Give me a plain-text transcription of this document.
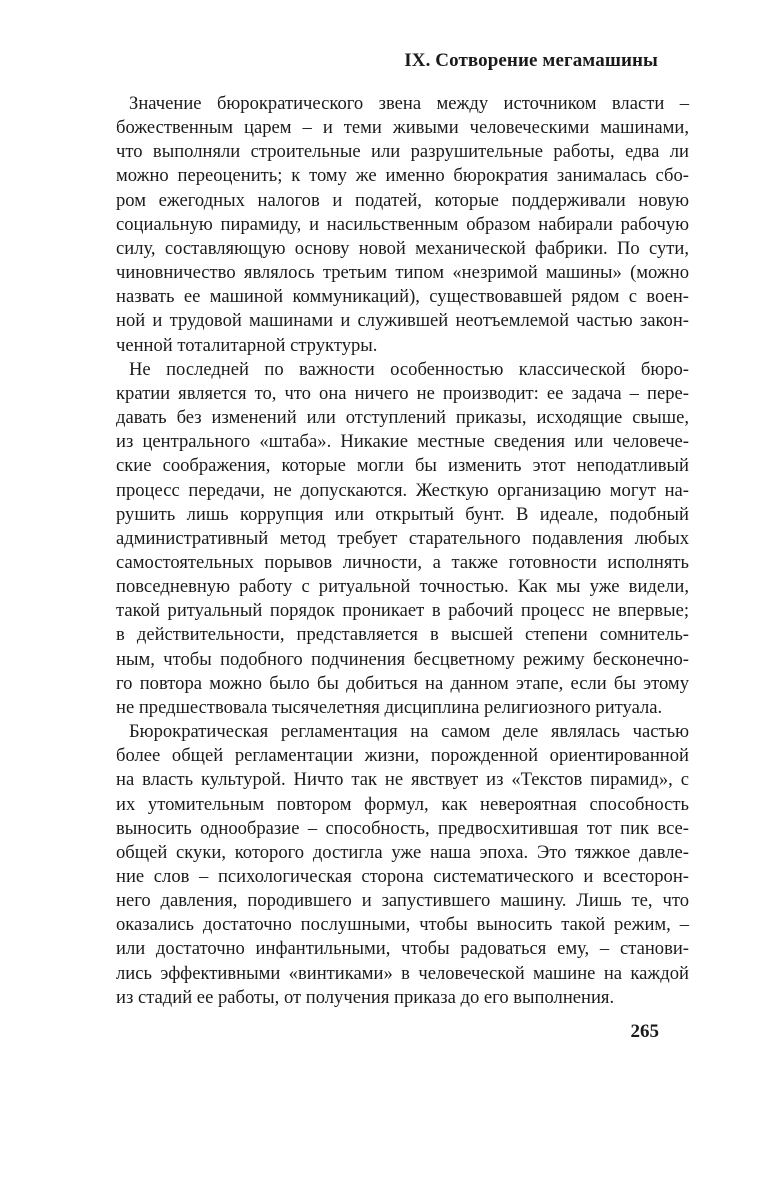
IX. Сотворение мегамашины

Значение бюрократического звена между источником власти –
божественным царем – и теми живыми человеческими машинами,
что выполняли строительные или разрушительные работы, едва ли
можно переоценить; к тому же именно бюрократия занималась сбо-
ром ежегодных налогов и податей, которые поддерживали новую
социальную пирамиду, и насильственным образом набирали рабочую
силу, составляющую основу новой механической фабрики. По сути,
чиновничество являлось третьим типом «незримой машины» (можно
назвать ее машиной коммуникаций), существовавшей рядом с воен-
ной и трудовой машинами и служившей неотъемлемой частью закон-
ченной тоталитарной структуры.

Не последней по важности особенностью классической бюро-
кратии является то, что она ничего не производит: ее задача – пере-
давать без изменений или отступлений приказы, исходящие свыше,
из центрального «штаба». Никакие местные сведения или человече-
ские соображения, которые могли бы изменить этот неподатливый
процесс передачи, не допускаются. Жесткую организацию могут на-
рушить лишь коррупция или открытый бунт. В идеале, подобный
административный метод требует старательного подавления любых
самостоятельных порывов личности, а также готовности исполнять
повседневную работу с ритуальной точностью. Как мы уже видели,
такой ритуальный порядок проникает в рабочий процесс не впервые;
в действительности, представляется в высшей степени сомнитель-
ным, чтобы подобного подчинения бесцветному режиму бесконечно-
го повтора можно было бы добиться на данном этапе, если бы этому
не предшествовала тысячелетняя дисциплина религиозного ритуала.

Бюрократическая регламентация на самом деле являлась частью
более общей регламентации жизни, порожденной ориентированной
на власть культурой. Ничто так не явствует из «Текстов пирамид», с
их утомительным повтором формул, как невероятная способность
выносить однообразие – способность, предвосхитившая тот пик все-
общей скуки, которого достигла уже наша эпоха. Это тяжкое давле-
ние слов – психологическая сторона систематического и всесторон-
него давления, породившего и запустившего машину. Лишь те, что
оказались достаточно послушными, чтобы выносить такой режим, –
или достаточно инфантильными, чтобы радоваться ему, – станови-
лись эффективными «винтиками» в человеческой машине на каждой
из стадий ее работы, от получения приказа до его выполнения.

265
